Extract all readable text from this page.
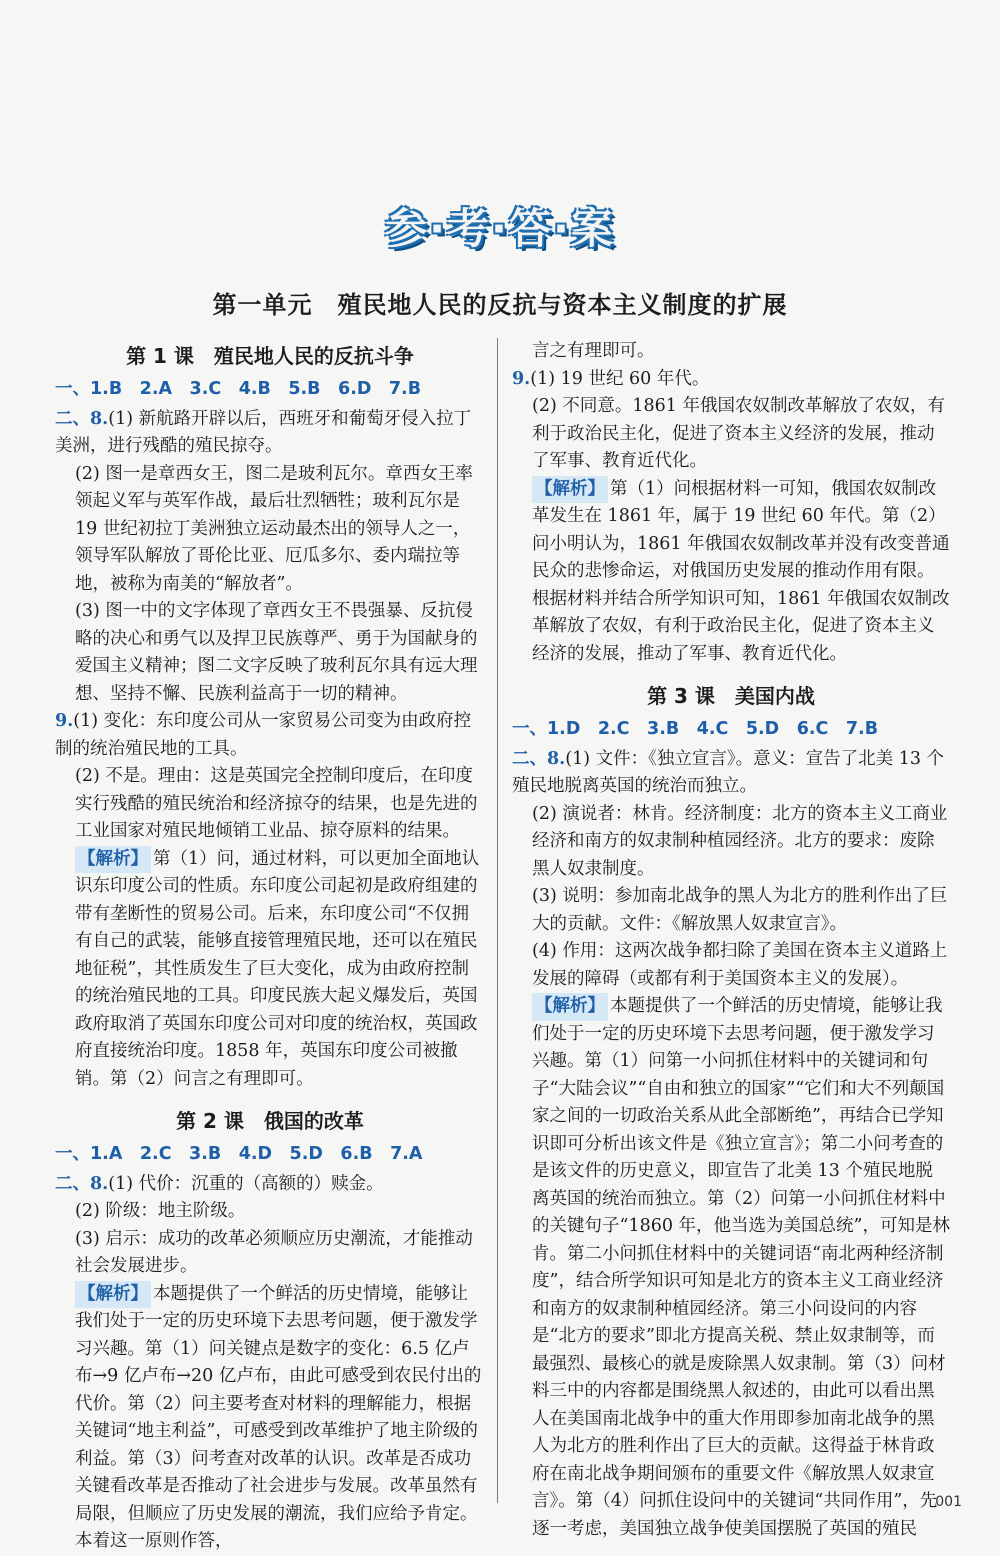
参·考·答·案
第一单元　殖民地人民的反抗与资本主义制度的扩展
第 1 课　殖民地人民的反抗斗争

一、1.B　2.A　3.C　4.B　5.B　6.D　7.B

二、8.(1) 新航路开辟以后，西班牙和葡萄牙侵入拉丁美洲，进行残酷的殖民掠夺。

(2) 图一是章西女王，图二是玻利瓦尔。章西女王率领起义军与英军作战，最后壮烈牺牲；玻利瓦尔是 19 世纪初拉丁美洲独立运动最杰出的领导人之一，领导军队解放了哥伦比亚、厄瓜多尔、委内瑞拉等地，被称为南美的“解放者”。

(3) 图一中的文字体现了章西女王不畏强暴、反抗侵略的决心和勇气以及捍卫民族尊严、勇于为国献身的爱国主义精神；图二文字反映了玻利瓦尔具有远大理想、坚持不懈、民族利益高于一切的精神。

9.(1) 变化：东印度公司从一家贸易公司变为由政府控制的统治殖民地的工具。

(2) 不是。理由：这是英国完全控制印度后，在印度实行残酷的殖民统治和经济掠夺的结果，也是先进的工业国家对殖民地倾销工业品、掠夺原料的结果。

【解析】 第（1）问，通过材料，可以更加全面地认识东印度公司的性质。东印度公司起初是政府组建的带有垄断性的贸易公司。后来，东印度公司“不仅拥有自己的武装，能够直接管理殖民地，还可以在殖民地征税”，其性质发生了巨大变化，成为由政府控制的统治殖民地的工具。印度民族大起义爆发后，英国政府取消了英国东印度公司对印度的统治权，英国政府直接统治印度。1858 年，英国东印度公司被撤销。第（2）问言之有理即可。

第 2 课　俄国的改革

一、1.A　2.C　3.B　4.D　5.D　6.B　7.A

二、8.(1) 代价：沉重的（高额的）赎金。

(2) 阶级：地主阶级。

(3) 启示：成功的改革必须顺应历史潮流，才能推动社会发展进步。

【解析】 本题提供了一个鲜活的历史情境，能够让我们处于一定的历史环境下去思考问题，便于激发学习兴趣。第（1）问关键点是数字的变化：6.5 亿卢布→9 亿卢布→20 亿卢布，由此可感受到农民付出的代价。第（2）问主要考查对材料的理解能力，根据关键词“地主利益”，可感受到改革维护了地主阶级的利益。第（3）问考查对改革的认识。改革是否成功关键看改革是否推动了社会进步与发展。改革虽然有局限，但顺应了历史发展的潮流，我们应给予肯定。本着这一原则作答，

言之有理即可。

9.(1) 19 世纪 60 年代。

(2) 不同意。1861 年俄国农奴制改革解放了农奴，有利于政治民主化，促进了资本主义经济的发展，推动了军事、教育近代化。

【解析】 第（1）问根据材料一可知，俄国农奴制改革发生在 1861 年，属于 19 世纪 60 年代。第（2）问小明认为，1861 年俄国农奴制改革并没有改变普通民众的悲惨命运，对俄国历史发展的推动作用有限。根据材料并结合所学知识可知，1861 年俄国农奴制改革解放了农奴，有利于政治民主化，促进了资本主义经济的发展，推动了军事、教育近代化。

第 3 课　美国内战

一、1.D　2.C　3.B　4.C　5.D　6.C　7.B

二、8.(1) 文件：《独立宣言》。意义：宣告了北美 13 个殖民地脱离英国的统治而独立。

(2) 演说者：林肯。经济制度：北方的资本主义工商业经济和南方的奴隶制种植园经济。北方的要求：废除黑人奴隶制度。

(3) 说明：参加南北战争的黑人为北方的胜利作出了巨大的贡献。文件：《解放黑人奴隶宣言》。

(4) 作用：这两次战争都扫除了美国在资本主义道路上发展的障碍（或都有利于美国资本主义的发展）。

【解析】 本题提供了一个鲜活的历史情境，能够让我们处于一定的历史环境下去思考问题，便于激发学习兴趣。第（1）问第一小问抓住材料中的关键词和句子“大陆会议”“自由和独立的国家”“它们和大不列颠国家之间的一切政治关系从此全部断绝”，再结合已学知识即可分析出该文件是《独立宣言》；第二小问考查的是该文件的历史意义，即宣告了北美 13 个殖民地脱离英国的统治而独立。第（2）问第一小问抓住材料中的关键句子“1860 年，他当选为美国总统”，可知是林肯。第二小问抓住材料中的关键词语“南北两种经济制度”，结合所学知识可知是北方的资本主义工商业经济和南方的奴隶制种植园经济。第三小问设问的内容是“北方的要求”即北方提高关税、禁止奴隶制等，而最强烈、最核心的就是废除黑人奴隶制。第（3）问材料三中的内容都是围绕黑人叙述的，由此可以看出黑人在美国南北战争中的重大作用即参加南北战争的黑人为北方的胜利作出了巨大的贡献。这得益于林肯政府在南北战争期间颁布的重要文件《解放黑人奴隶宣言》。第（4）问抓住设问中的关键词“共同作用”，先逐一考虑，美国独立战争使美国摆脱了英国的殖民

001
